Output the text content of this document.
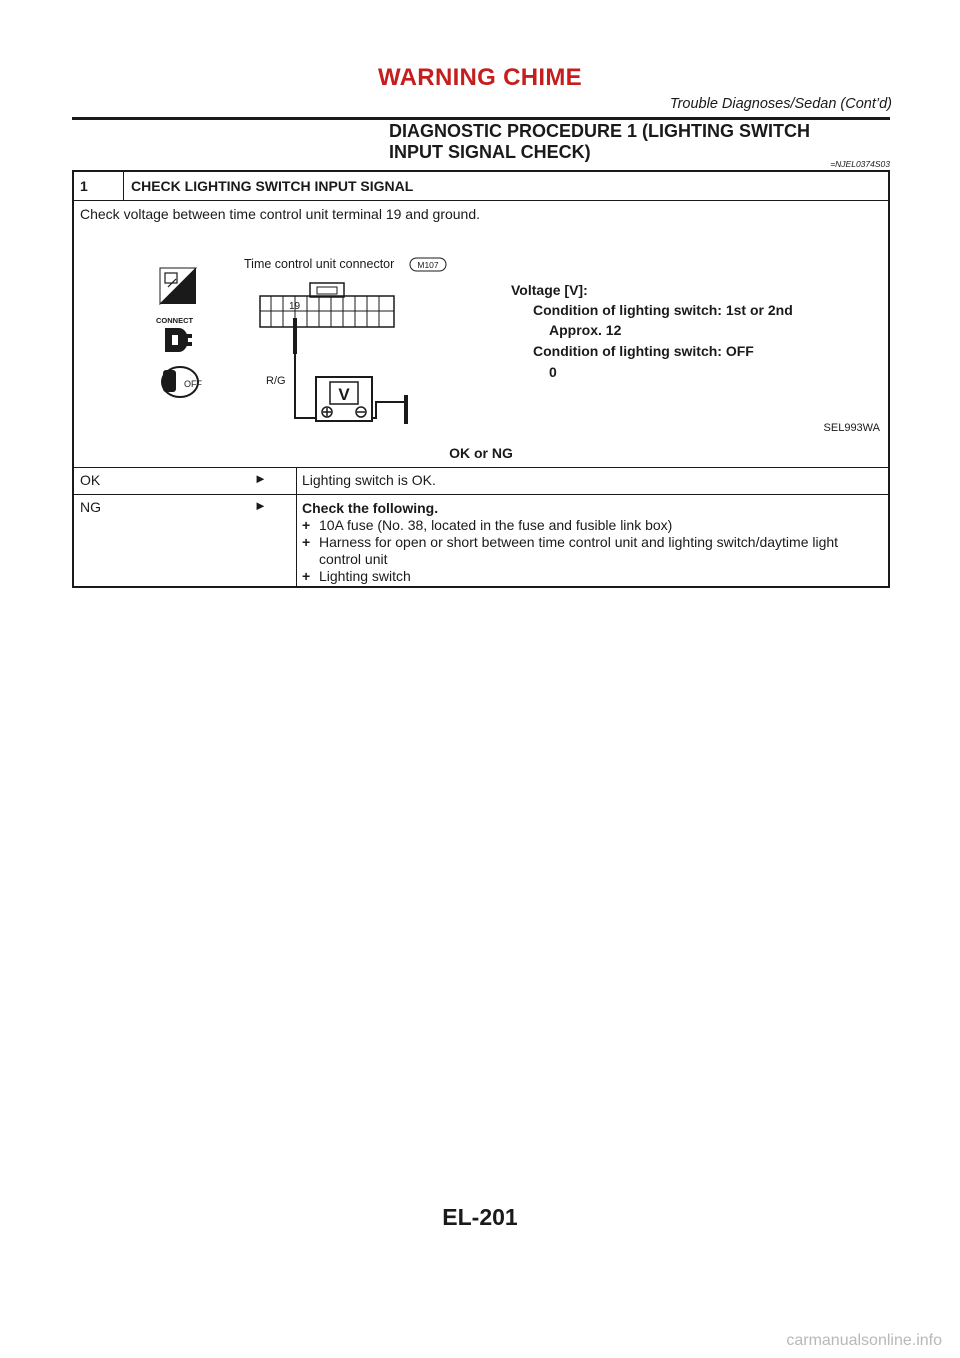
WARNING CHIME
Trouble Diagnoses/Sedan (Cont’d)
DIAGNOSTIC PROCEDURE 1 (LIGHTING SWITCH
INPUT SIGNAL CHECK)
=NJEL0374S03
1	CHECK LIGHTING SWITCH INPUT SIGNAL
Check voltage between time control unit terminal 19 and ground.
H.S.
CONNECT
OFF
Time control unit connector	M107
19
R/G
V
Voltage [V]:
Condition of lighting switch: 1st or 2nd
Approx. 12
Condition of lighting switch: OFF
0
SEL993WA
OK or NG
OK	►	Lighting switch is OK.
NG	►	Check the following.
+ 10A fuse (No. 38, located in the fuse and fusible link box)
+ Harness for open or short between time control unit and lighting switch/daytime light control unit
+ Lighting switch
EL-201
carmanualsonline.info
